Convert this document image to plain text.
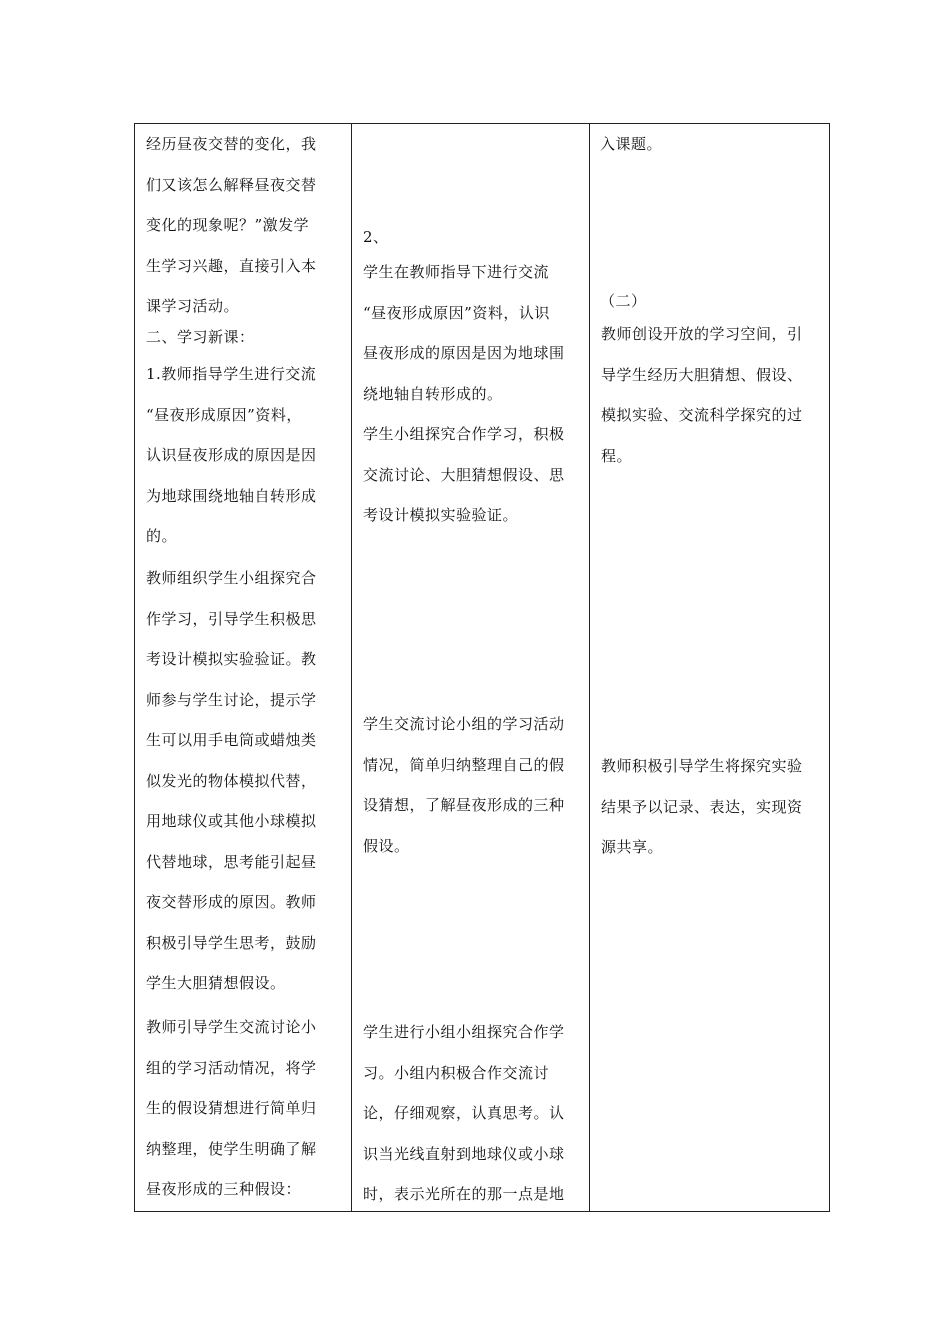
经历昼夜交替的变化，我
们又该怎么解释昼夜交替
变化的现象呢？”激发学
生学习兴趣，直接引入本
课学习活动。
二、学习新课：
1.教师指导学生进行交流
“昼夜形成原因”资料，
认识昼夜形成的原因是因
为地球围绕地轴自转形成
的。
教师组织学生小组探究合
作学习，引导学生积极思
考设计模拟实验验证。教
师参与学生讨论，提示学
生可以用手电筒或蜡烛类
似发光的物体模拟代替，
用地球仪或其他小球模拟
代替地球，思考能引起昼
夜交替形成的原因。教师
积极引导学生思考，鼓励
学生大胆猜想假设。
教师引导学生交流讨论小
组的学习活动情况，将学
生的假设猜想进行简单归
纳整理，使学生明确了解
昼夜形成的三种假设：

2、
学生在教师指导下进行交流
“昼夜形成原因”资料，认识
昼夜形成的原因是因为地球围
绕地轴自转形成的。
学生小组探究合作学习，积极
交流讨论、大胆猜想假设、思
考设计模拟实验验证。
学生交流讨论小组的学习活动
情况，简单归纳整理自己的假
设猜想，了解昼夜形成的三种
假设。
学生进行小组小组探究合作学
习。小组内积极合作交流讨
论，仔细观察，认真思考。认
识当光线直射到地球仪或小球
时，表示光所在的那一点是地

入课题。
（二）
教师创设开放的学习空间，引
导学生经历大胆猜想、假设、
模拟实验、交流科学探究的过
程。
教师积极引导学生将探究实验
结果予以记录、表达，实现资
源共享。
